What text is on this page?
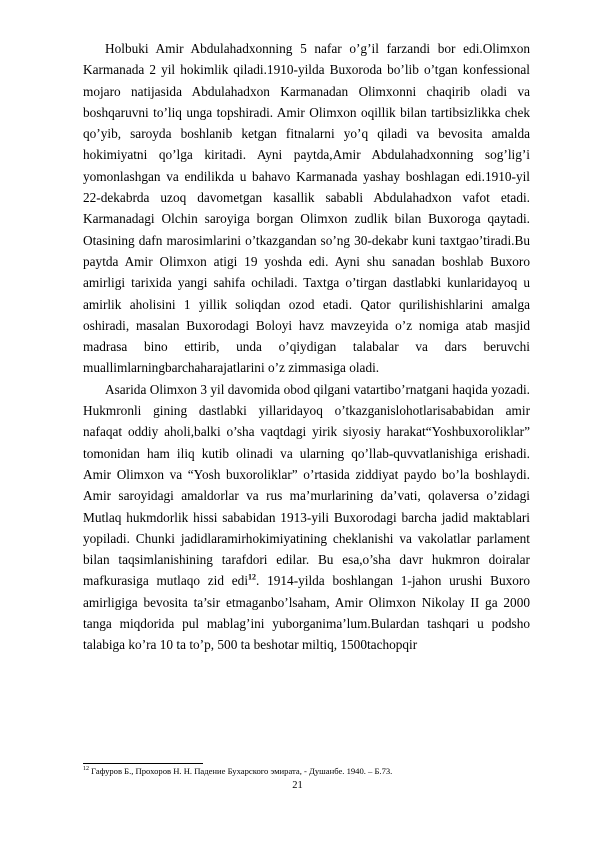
Holbuki Amir Abdulahadxonning 5 nafar o’g’il farzandi bor edi.Olimxon Karmanada 2 yil hokimlik qiladi.1910-yilda Buxoroda bo’lib o’tgan konfessional mojaro natijasida Abdulahadxon Karmanadan Olimxonni chaqirib oladi va boshqaruvni to’liq unga topshiradi. Amir Olimxon oqillik bilan tartibsizlikka chek qo’yib, saroyda boshlanib ketgan fitnalarni yo’q qiladi va bevosita amalda hokimiyatni qo’lga kiritadi. Ayni paytda,Amir Abdulahadxonning sog’lig’i yomonlashgan va endilikda u bahavo Karmanada yashay boshlagan edi.1910-yil 22-dekabrda uzoq davometgan kasallik sababli Abdulahadxon vafot etadi. Karmanadagi Olchin saroyiga borgan Olimxon zudlik bilan Buxoroga qaytadi. Otasining dafn marosimlarini o’tkazgandan so’ng 30-dekabr kuni taxtgao’tiradi.Bu paytda Amir Olimxon atigi 19 yoshda edi. Ayni shu sanadan boshlab Buxoro amirligi tarixida yangi sahifa ochiladi. Taxtga o’tirgan dastlabki kunlaridayoq u amirlik aholisini 1 yillik soliqdan ozod etadi. Qator qurilishishlarini amalga oshiradi, masalan Buxorodagi Boloyi havz mavzeyida o’z nomiga atab masjid madrasa bino ettirib, unda o’qiydigan talabalar va dars beruvchi muallimlarningbarchaharajatlarini o’z zimmasiga oladi.

Asarida Olimxon 3 yil davomida obod qilgani vatartibo’rnatgani haqida yozadi. Hukmronli gining dastlabki yillaridayoq o’tkazganislohotlarisababidan amir nafaqat oddiy aholi,balki o’sha vaqtdagi yirik siyosiy harakat“Yoshbuxoroliklar” tomonidan ham iliq kutib olinadi va ularning qo’llab-quvvatlanishiga erishadi. Amir Olimxon va “Yosh buxoroliklar” o’rtasida ziddiyat paydo bo’la boshlaydi. Amir saroyidagi amaldorlar va rus ma’murlarining da’vati, qolaversa o’zidagi Mutlaq hukmdorlik hissi sababidan 1913-yili Buxorodagi barcha jadid maktablari yopiladi. Chunki jadidlaramirhokimiyatining cheklanishi va vakolatlar parlament bilan taqsimlanishining tarafdori edilar. Bu esa,o’sha davr hukmron doiralar mafkurasiga mutlaqo zid edi$^{12}$. 1914-yilda boshlangan 1-jahon urushi Buxoro amirligiga bevosita ta’sir etmaganbo’lsaham, Amir Olimxon Nikolay II ga 2000 tanga miqdorida pul mablag’ini yuborganima’lum.Bulardan tashqari u podsho talabiga ko’ra 10 ta to’p, 500 ta beshotar miltiq, 1500tachopqir

$^{12}$ Гафуров Б., Прохоров Н. Н. Падение Бухарского эмирата, - Душанбе. 1940. – Б.73.
21
